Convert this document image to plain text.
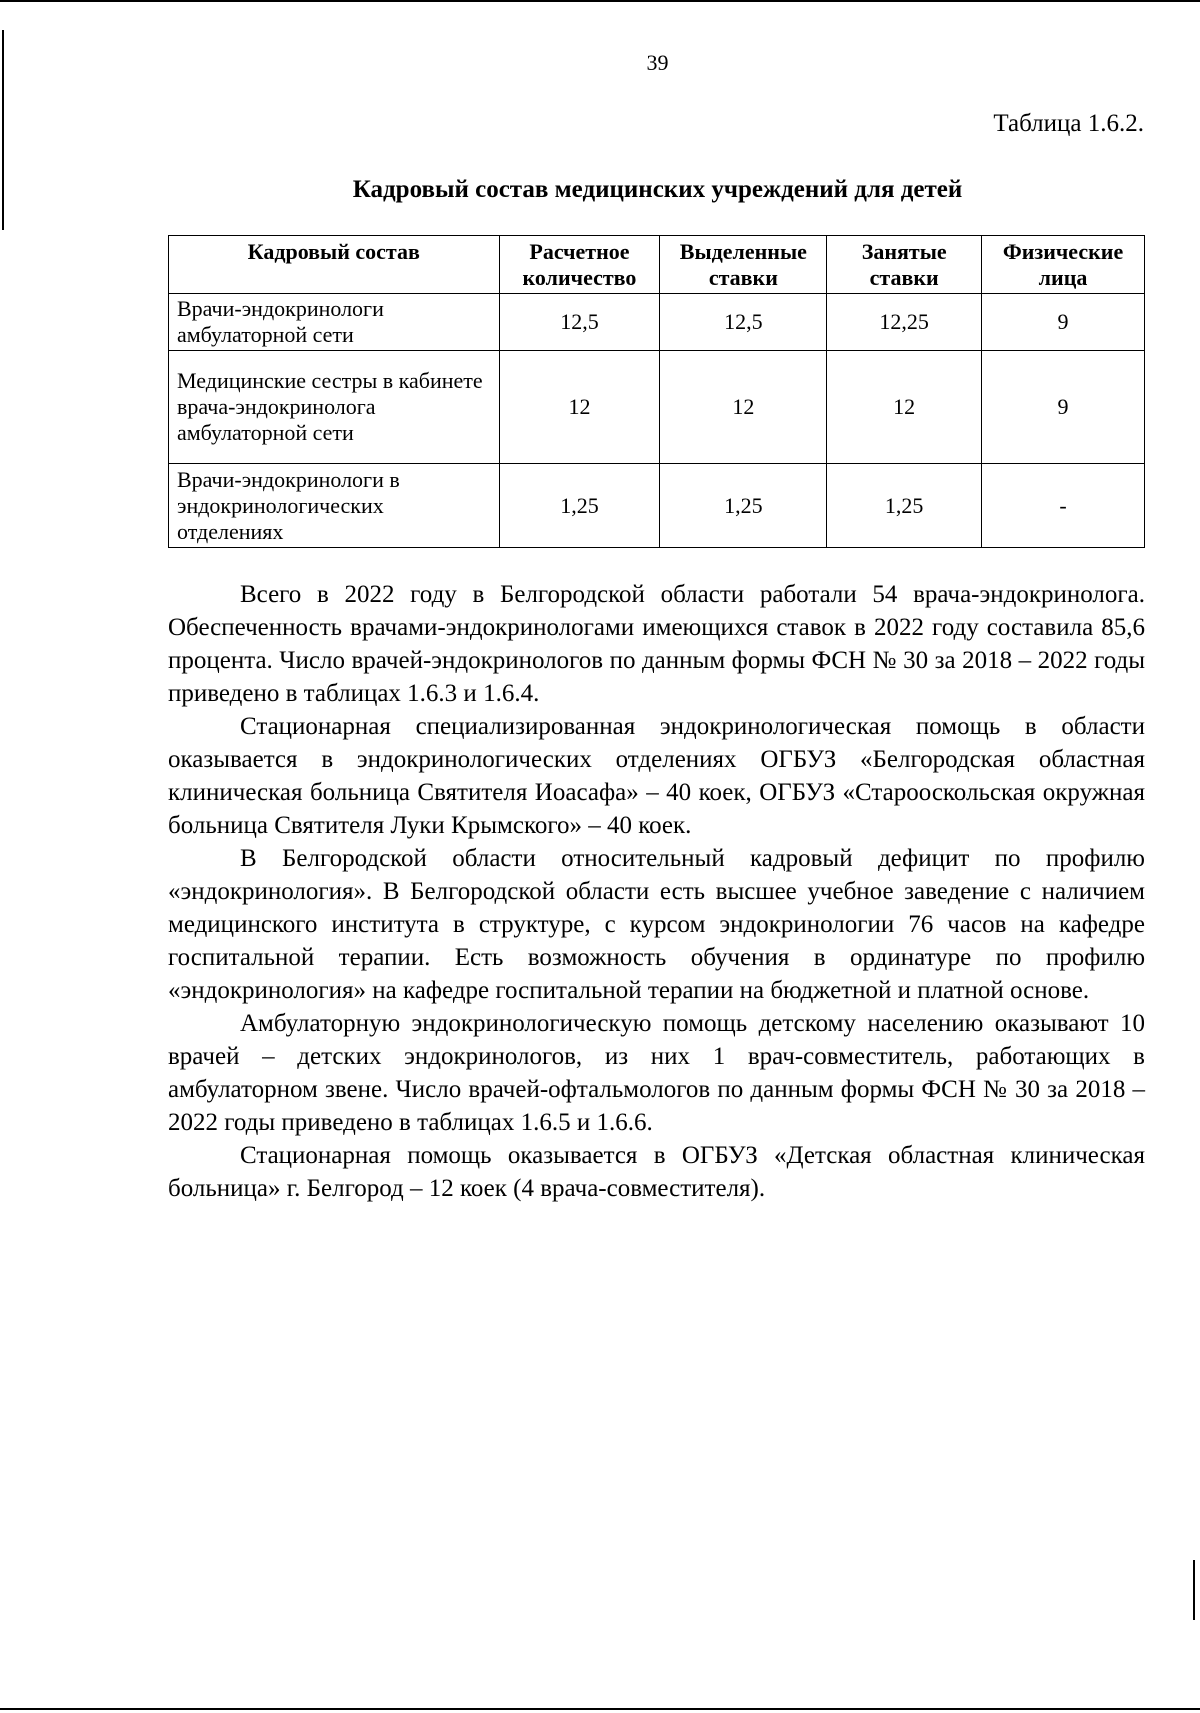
39
Таблица 1.6.2.
Кадровый состав медицинских учреждений для детей
Кадровый состав	Расчетное количество	Выделенные ставки	Занятые ставки	Физические лица
Врачи-эндокринологи амбулаторной сети	12,5	12,5	12,25	9
Медицинские сестры в кабинете врача-эндокринолога амбулаторной сети	12	12	12	9
Врачи-эндокринологи в эндокринологических отделениях	1,25	1,25	1,25	-

Всего в 2022 году в Белгородской области работали 54 врача-эндокринолога. Обеспеченность врачами-эндокринологами имеющихся ставок в 2022 году составила 85,6 процента. Число врачей-эндокринологов по данным формы ФСН № 30 за 2018 – 2022 годы приведено в таблицах 1.6.3 и 1.6.4.

Стационарная специализированная эндокринологическая помощь в области оказывается в эндокринологических отделениях ОГБУЗ «Белгородская областная клиническая больница Святителя Иоасафа» – 40 коек, ОГБУЗ «Старооскольская окружная больница Святителя Луки Крымского» – 40 коек.

В Белгородской области относительный кадровый дефицит по профилю «эндокринология». В Белгородской области есть высшее учебное заведение с наличием медицинского института в структуре, с курсом эндокринологии 76 часов на кафедре госпитальной терапии. Есть возможность обучения в ординатуре по профилю «эндокринология» на кафедре госпитальной терапии на бюджетной и платной основе.

Амбулаторную эндокринологическую помощь детскому населению оказывают 10 врачей – детских эндокринологов, из них 1 врач-совместитель, работающих в амбулаторном звене. Число врачей-офтальмологов по данным формы ФСН № 30 за 2018 – 2022 годы приведено в таблицах 1.6.5 и 1.6.6.

Стационарная помощь оказывается в ОГБУЗ «Детская областная клиническая больница» г. Белгород – 12 коек (4 врача-совместителя).
